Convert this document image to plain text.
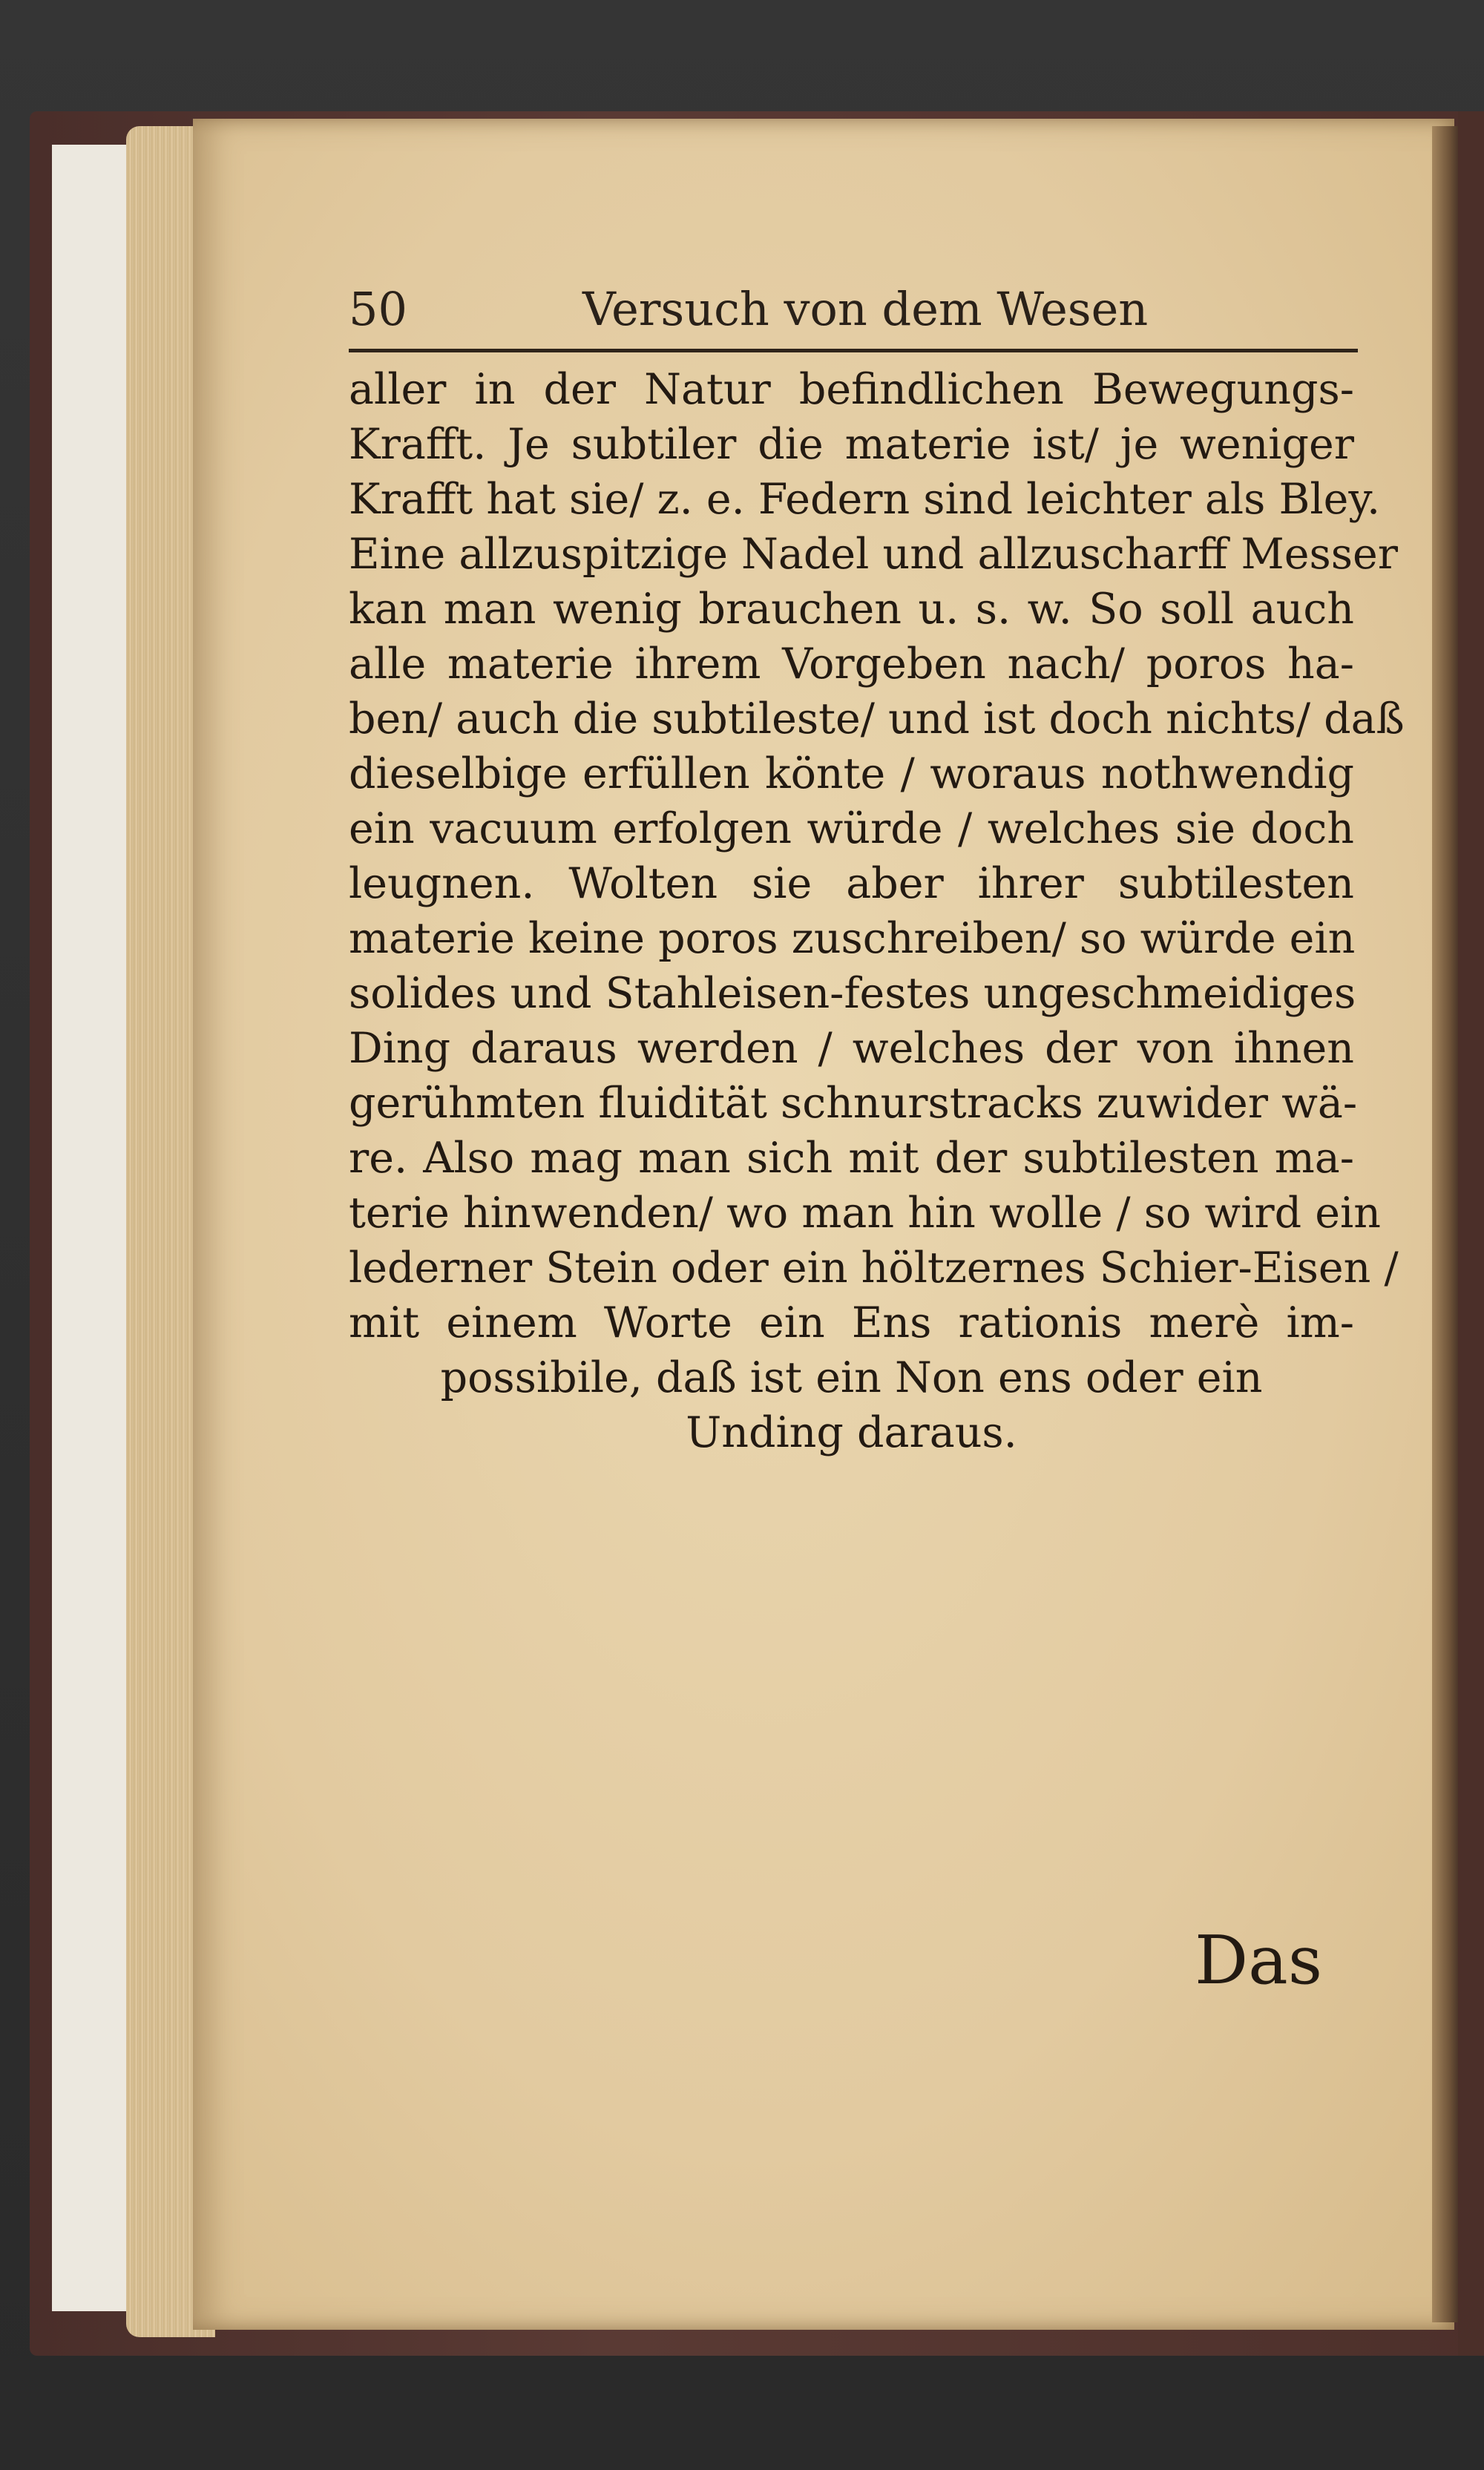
50	Versuch von dem Wesen
aller in der Natur befindlichen Bewegungs-
Krafft. Je subtiler die materie ist/ je weniger
Krafft hat sie/ z. e. Federn sind leichter als Bley.
Eine allzuspitzige Nadel und allzuscharff Messer
kan man wenig brauchen u. s. w. So soll auch
alle materie ihrem Vorgeben nach/ poros ha-
ben/ auch die subtileste/ und ist doch nichts/ daß
dieselbige erfüllen könte / woraus nothwendig
ein vacuum erfolgen würde / welches sie doch
leugnen. Wolten sie aber ihrer subtilesten
materie keine poros zuschreiben/ so würde ein
solides und Stahleisen-festes ungeschmeidiges
Ding daraus werden / welches der von ihnen
gerühmten fluidität schnurstracks zuwider wä-
re. Also mag man sich mit der subtilesten ma-
terie hinwenden/ wo man hin wolle / so wird ein
lederner Stein oder ein höltzernes Schier-Eisen /
mit einem Worte ein Ens rationis merè im-
possibile, daß ist ein Non ens oder ein
Unding daraus.
Das
